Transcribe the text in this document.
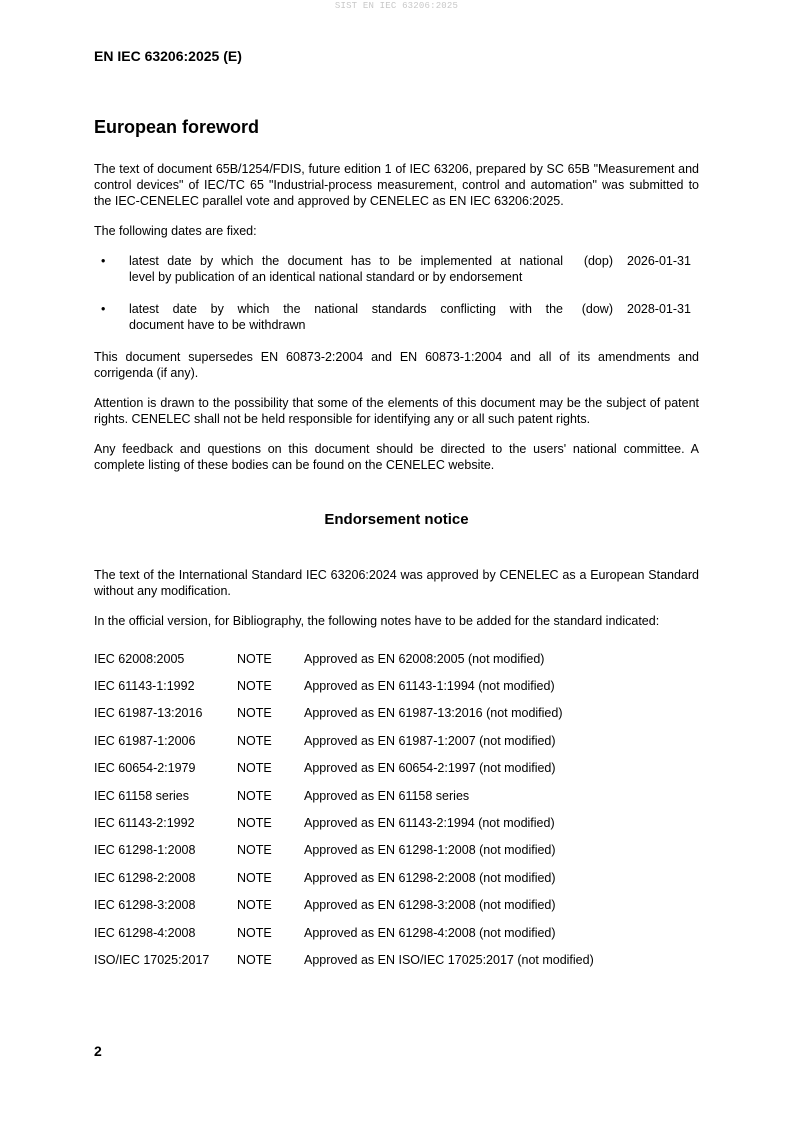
SIST EN IEC 63206:2025
EN IEC 63206:2025 (E)
European foreword

The text of document 65B/1254/FDIS, future edition 1 of IEC 63206, prepared by SC 65B "Measurement and control devices" of IEC/TC 65 "Industrial-process measurement, control and automation" was submitted to the IEC-CENELEC parallel vote and approved by CENELEC as EN IEC 63206:2025.

The following dates are fixed:

•	latest date by which the document has to be implemented at national
level by publication of an identical national standard or by endorsement
(dop)	2026-01-31
•	latest date by which the national standards conflicting with the
document have to be withdrawn
(dow)	2028-01-31

This document supersedes EN 60873-2:2004 and EN 60873-1:2004 and all of its amendments and corrigenda (if any).

Attention is drawn to the possibility that some of the elements of this document may be the subject of patent rights. CENELEC shall not be held responsible for identifying any or all such patent rights.

Any feedback and questions on this document should be directed to the users' national committee. A complete listing of these bodies can be found on the CENELEC website.

Endorsement notice

The text of the International Standard IEC 63206:2024 was approved by CENELEC as a European Standard without any modification.

In the official version, for Bibliography, the following notes have to be added for the standard indicated:

IEC 62008:2005	NOTE	Approved as EN 62008:2005 (not modified)
IEC 61143-1:1992	NOTE	Approved as EN 61143-1:1994 (not modified)
IEC 61987-13:2016	NOTE	Approved as EN 61987-13:2016 (not modified)
IEC 61987-1:2006	NOTE	Approved as EN 61987-1:2007 (not modified)
IEC 60654-2:1979	NOTE	Approved as EN 60654-2:1997 (not modified)
IEC 61158 series	NOTE	Approved as EN 61158 series
IEC 61143-2:1992	NOTE	Approved as EN 61143-2:1994 (not modified)
IEC 61298-1:2008	NOTE	Approved as EN 61298-1:2008 (not modified)
IEC 61298-2:2008	NOTE	Approved as EN 61298-2:2008 (not modified)
IEC 61298-3:2008	NOTE	Approved as EN 61298-3:2008 (not modified)
IEC 61298-4:2008	NOTE	Approved as EN 61298-4:2008 (not modified)
ISO/IEC 17025:2017	NOTE	Approved as EN ISO/IEC 17025:2017 (not modified)
2
